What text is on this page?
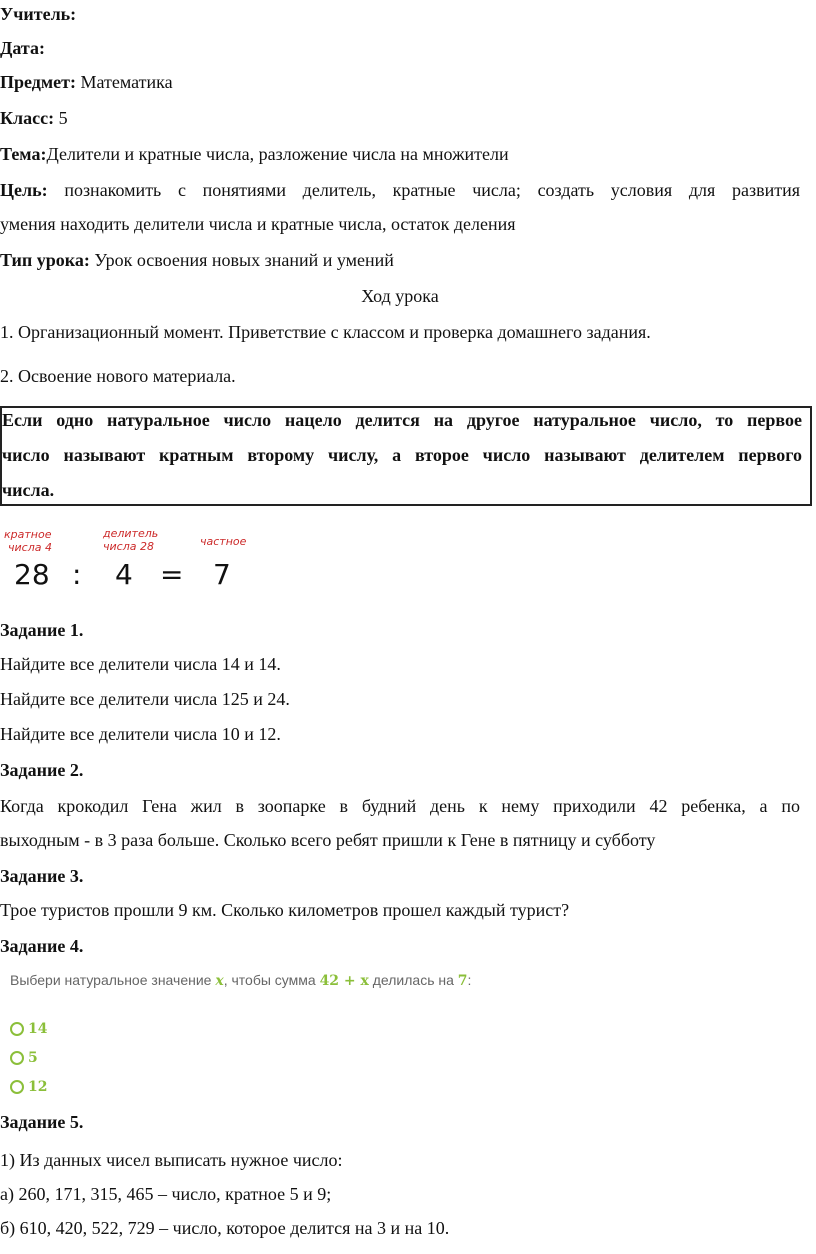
Учитель:
Дата:
Предмет: Математика
Класс: 5
Тема:Делители и кратные числа, разложение числа на множители
Цель: познакомить с понятиями делитель, кратные числа; создать условия для развития
умения находить делители числа и кратные числа, остаток деления
Тип урока: Урок освоения новых знаний и умений
Ход урока
1. Организационный момент. Приветствие с классом и проверка домашнего задания.
2. Освоение нового материала.
Если одно натуральное число нацело делится на другое натуральное число, то первое
число называют кратным второму числу, а второе число называют делителем первого
числа.
кратное
числа 4
делитель
числа 28	частное
28 : 4 = 7
Задание 1.
Найдите все делители числа 14 и 14.
Найдите все делители числа 125 и 24.
Найдите все делители числа 10 и 12.
Задание 2.
Когда крокодил Гена жил в зоопарке в будний день к нему приходили 42 ребенка, а по
выходным - в 3 раза больше. Сколько всего ребят пришли к Гене в пятницу и субботу
Задание 3.
Трое туристов прошли 9 км. Сколько километров прошел каждый турист?
Задание 4.
Выбери натуральное значение x, чтобы сумма 42 + x делилась на 7:
14
5
12
Задание 5.
1) Из данных чисел выписать нужное число:
а) 260, 171, 315, 465 – число, кратное 5 и 9;
б) 610, 420, 522, 729 – число, которое делится на 3 и на 10.
